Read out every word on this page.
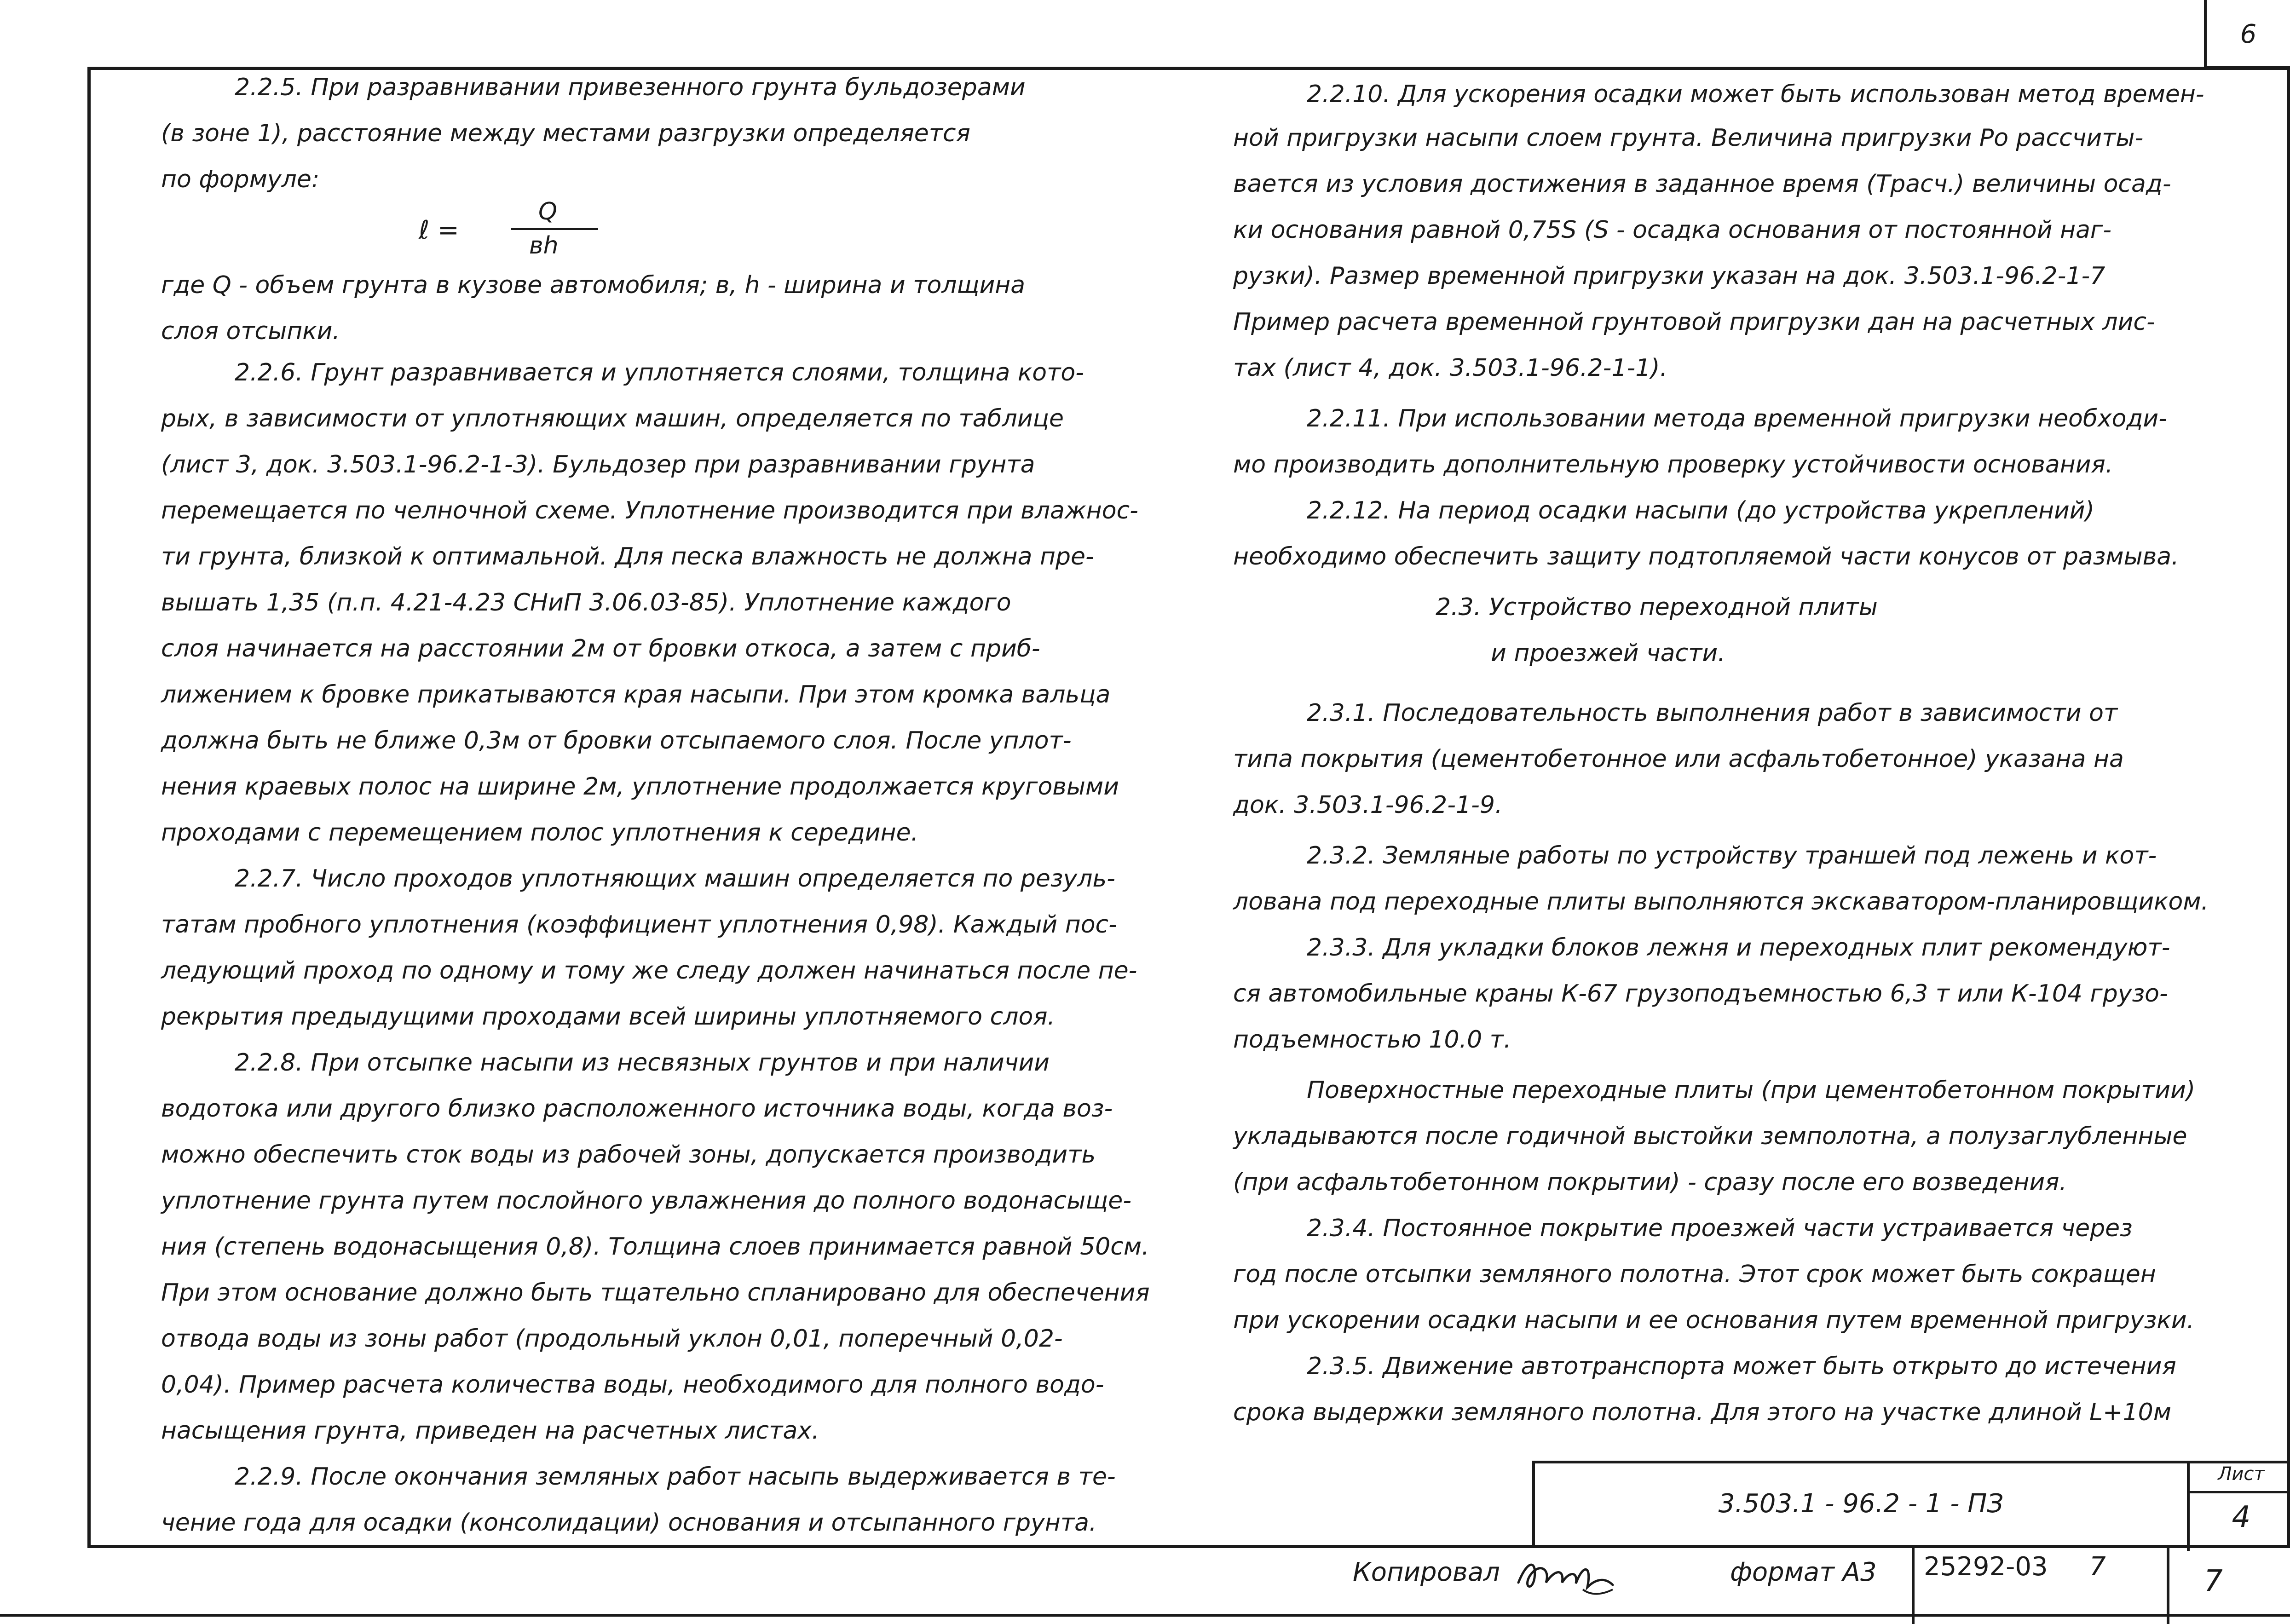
6
2.2.5. При разравнивании привезенного грунта бульдозерами
(в зоне 1), расстояние между местами разгрузки определяется
по формуле:
где Q - объем грунта в кузове автомобиля; в, h - ширина и толщина
слоя отсыпки.
2.2.6. Грунт разравнивается и уплотняется слоями, толщина кото-
рых, в зависимости от уплотняющих машин, определяется по таблице
(лист 3, док. 3.503.1-96.2-1-3). Бульдозер при разравнивании грунта
перемещается по челночной схеме. Уплотнение производится при влажнос-
ти грунта, близкой к оптимальной. Для песка влажность не должна пре-
вышать 1,35 (п.п. 4.21-4.23 СНиП 3.06.03-85). Уплотнение каждого
слоя начинается на расстоянии 2м от бровки откоса, а затем с приб-
лижением к бровке прикатываются края насыпи. При этом кромка вальца
должна быть не ближе 0,3м от бровки отсыпаемого слоя. После уплот-
нения краевых полос на ширине 2м, уплотнение продолжается круговыми
проходами с перемещением полос уплотнения к середине.
2.2.7. Число проходов уплотняющих машин определяется по резуль-
татам пробного уплотнения (коэффициент уплотнения 0,98). Каждый пос-
ледующий проход по одному и тому же следу должен начинаться после пе-
рекрытия предыдущими проходами всей ширины уплотняемого слоя.
2.2.8. При отсыпке насыпи из несвязных грунтов и при наличии
водотока или другого близко расположенного источника воды, когда воз-
можно обеспечить сток воды из рабочей зоны, допускается производить
уплотнение грунта путем послойного увлажнения до полного водонасыще-
ния (степень водонасыщения 0,8). Толщина слоев принимается равной 50см.
При этом основание должно быть тщательно спланировано для обеспечения
отвода воды из зоны работ (продольный уклон 0,01, поперечный 0,02-
0,04). Пример расчета количества воды, необходимого для полного водо-
насыщения грунта, приведен на расчетных листах.
2.2.9. После окончания земляных работ насыпь выдерживается в те-
чение года для осадки (консолидации) основания и отсыпанного грунта.
ℓ =
Q
вh
2.2.10. Для ускорения осадки может быть использован метод времен-
ной пригрузки насыпи слоем грунта. Величина пригрузки Pо рассчиты-
вается из условия достижения в заданное время (Tрасч.) величины осад-
ки основания равной 0,75S (S - осадка основания от постоянной наг-
рузки). Размер временной пригрузки указан на док. 3.503.1-96.2-1-7
Пример расчета временной грунтовой пригрузки дан на расчетных лис-
тах (лист 4, док. 3.503.1-96.2-1-1).
2.2.11. При использовании метода временной пригрузки необходи-
мо производить дополнительную проверку устойчивости основания.
2.2.12. На период осадки насыпи (до устройства укреплений)
необходимо обеспечить защиту подтопляемой части конусов от размыва.
2.3. Устройство переходной плиты
и проезжей части.
2.3.1. Последовательность выполнения работ в зависимости от
типа покрытия (цементобетонное или асфальтобетонное) указана на
док. 3.503.1-96.2-1-9.
2.3.2. Земляные работы по устройству траншей под лежень и кот-
лована под переходные плиты выполняются экскаватором-планировщиком.
2.3.3. Для укладки блоков лежня и переходных плит рекомендуют-
ся автомобильные краны К-67 грузоподъемностью 6,3 т или К-104 грузо-
подъемностью 10.0 т.
Поверхностные переходные плиты (при цементобетонном покрытии)
укладываются после годичной выстойки земполотна, а полузаглубленные
(при асфальтобетонном покрытии) - сразу после его возведения.
2.3.4. Постоянное покрытие проезжей части устраивается через
год после отсыпки земляного полотна. Этот срок может быть сокращен
при ускорении осадки насыпи и ее основания путем временной пригрузки.
2.3.5. Движение автотранспорта может быть открыто до истечения
срока выдержки земляного полотна. Для этого на участке длиной L+10м
3.503.1 - 96.2 - 1 - ПЗ
Лист
4
Копировал	формат А3 25292-03 7	7
